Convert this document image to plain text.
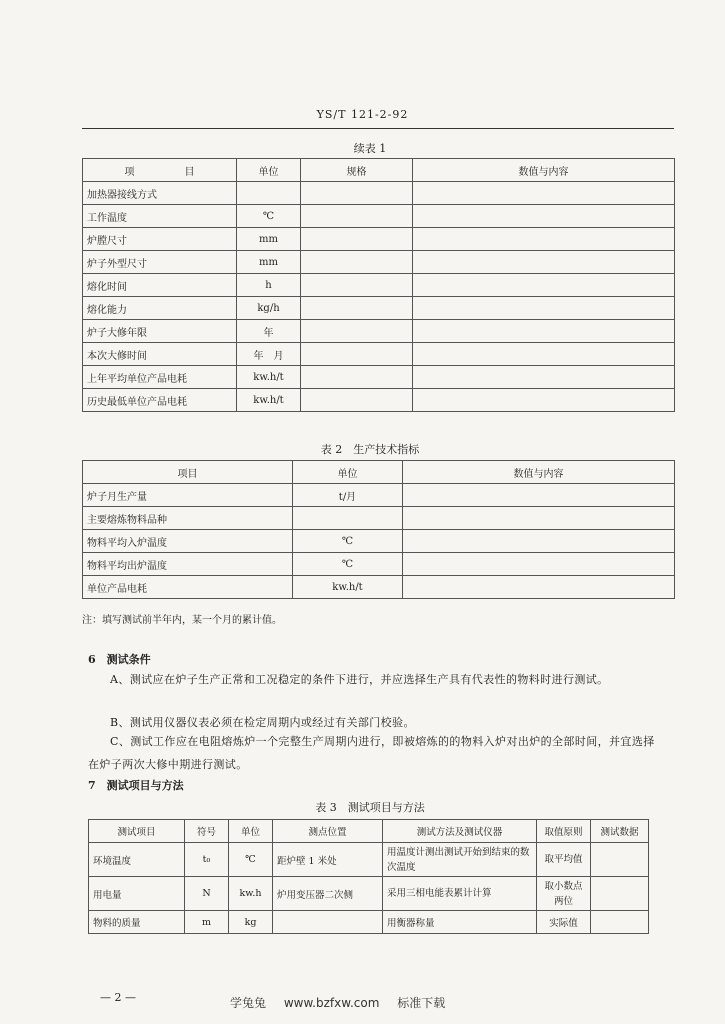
YS/T 121-2-92
续表 1
项　　　　　目	单位	规格	数值与内容
加热器接线方式			
工作温度	℃		
炉膛尺寸	mm		
炉子外型尺寸	mm		
熔化时间	h		
熔化能力	kg/h		
炉子大修年限	年		
本次大修时间	年　月		
上年平均单位产品电耗	kw.h/t		
历史最低单位产品电耗	kw.h/t		
表 2　生产技术指标
项目	单位	数值与内容
炉子月生产量	t/月	
主要熔炼物料品种		
物料平均入炉温度	℃	
物料平均出炉温度	℃	
单位产品电耗	kw.h/t	
注：填写测试前半年内，某一个月的累计值。
6　测试条件
A、测试应在炉子生产正常和工况稳定的条件下进行，并应选择生产具有代表性的物料时进行测试。
B、测试用仪器仪表必须在检定周期内或经过有关部门校验。
C、测试工作应在电阻熔炼炉一个完整生产周期内进行，即被熔炼的的物料入炉对出炉的全部时间，并宜选择在炉子两次大修中期进行测试。
7　测试项目与方法
表 3　测试项目与方法
测试项目	符号	单位	测点位置	测试方法及测试仪器	取值原则	测试数据
环境温度	t₀	℃	距炉壁 1 米处	用温度计测出测试开始到结束的数次温度	取平均值	
用电量	N	kw.h	炉用变压器二次侧	采用三相电能表累计计算	取小数点两位	
物料的质量	m	kg		用衡器称量	实际值	
— 2 —	学兔兔 www.bzfxw.com 标准下载
